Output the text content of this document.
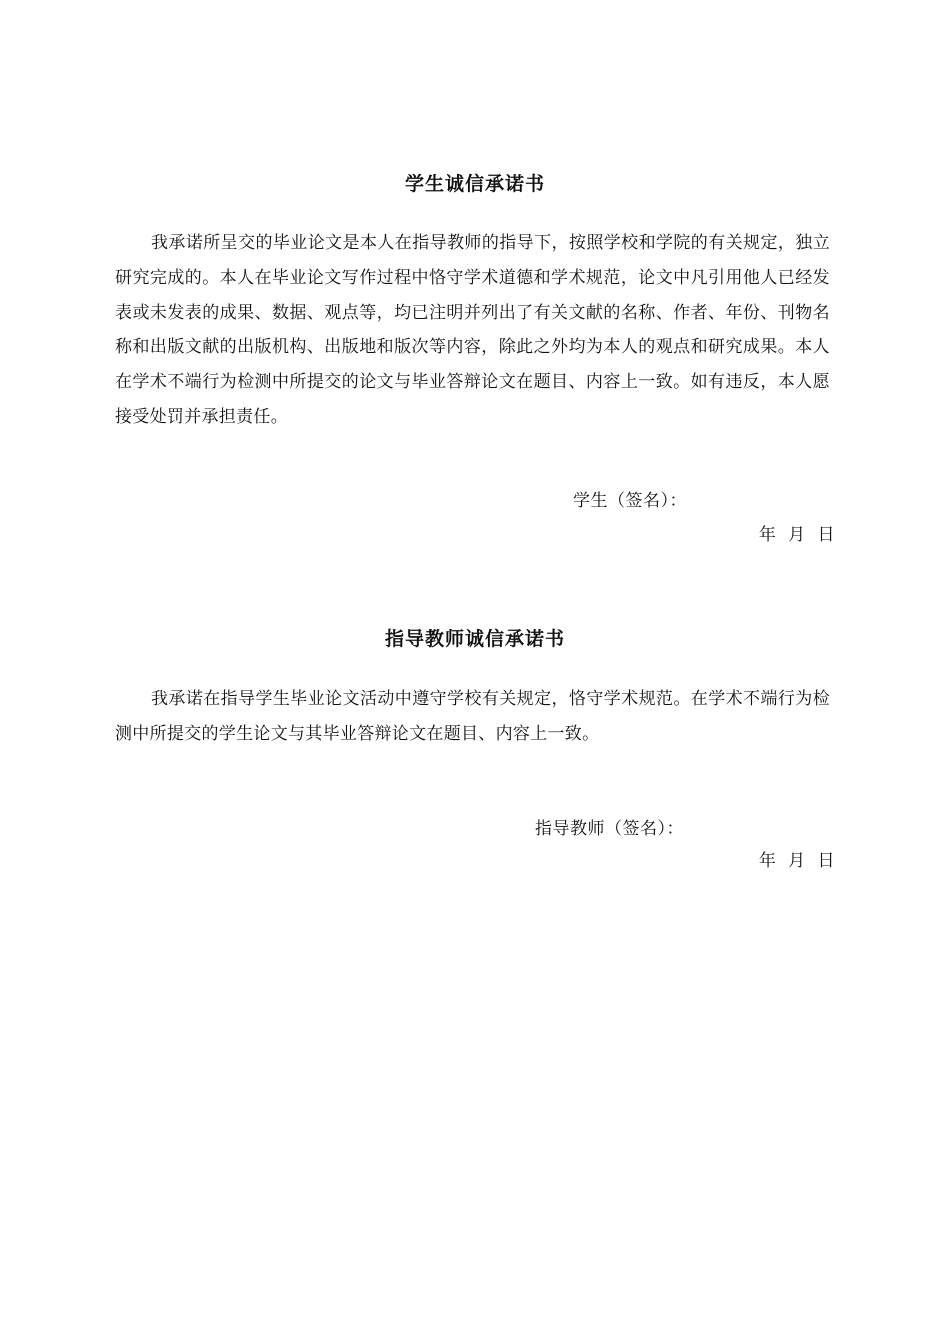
学生诚信承诺书
我承诺所呈交的毕业论文是本人在指导教师的指导下，按照学校和学院的有关规定，独立研究完成的。本人在毕业论文写作过程中恪守学术道德和学术规范，论文中凡引用他人已经发表或未发表的成果、数据、观点等，均已注明并列出了有关文献的名称、作者、年份、刊物名称和出版文献的出版机构、出版地和版次等内容，除此之外均为本人的观点和研究成果。本人在学术不端行为检测中所提交的论文与毕业答辩论文在题目、内容上一致。如有违反，本人愿接受处罚并承担责任。
学生（签名）：
年  月  日
指导教师诚信承诺书
我承诺在指导学生毕业论文活动中遵守学校有关规定，恪守学术规范。在学术不端行为检测中所提交的学生论文与其毕业答辩论文在题目、内容上一致。
指导教师（签名）：
年  月  日
